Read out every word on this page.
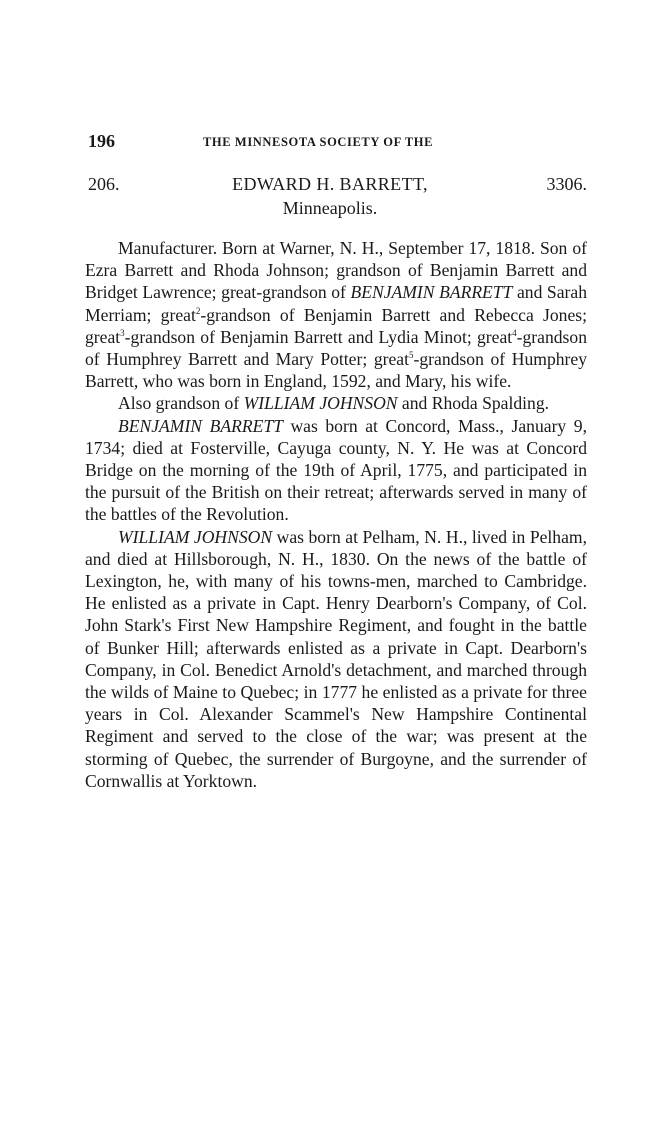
196	THE MINNESOTA SOCIETY OF THE
206.	EDWARD H. BARRETT,	3306.
Minneapolis.

Manufacturer. Born at Warner, N. H., September 17, 1818. Son of Ezra Barrett and Rhoda Johnson; grandson of Benjamin Barrett and Bridget Lawrence; great-grandson of BENJAMIN BARRETT and Sarah Merriam; great$^2$-grandson of Benjamin Barrett and Rebecca Jones; great$^3$-grandson of Benjamin Barrett and Lydia Minot; great$^4$-grandson of Humphrey Barrett and Mary Potter; great$^5$-grandson of Humphrey Barrett, who was born in England, 1592, and Mary, his wife.

Also grandson of WILLIAM JOHNSON and Rhoda Spalding.

BENJAMIN BARRETT was born at Concord, Mass., January 9, 1734; died at Fosterville, Cayuga county, N. Y. He was at Concord Bridge on the morning of the 19th of April, 1775, and participated in the pursuit of the British on their retreat; afterwards served in many of the battles of the Revolution.

WILLIAM JOHNSON was born at Pelham, N. H., lived in Pelham, and died at Hillsborough, N. H., 1830. On the news of the battle of Lexington, he, with many of his towns-men, marched to Cambridge. He enlisted as a private in Capt. Henry Dearborn's Company, of Col. John Stark's First New Hampshire Regiment, and fought in the battle of Bunker Hill; afterwards enlisted as a private in Capt. Dearborn's Company, in Col. Benedict Arnold's detachment, and marched through the wilds of Maine to Quebec; in 1777 he enlisted as a private for three years in Col. Alexander Scammel's New Hampshire Continental Regiment and served to the close of the war; was present at the storming of Quebec, the surrender of Burgoyne, and the surrender of Cornwallis at Yorktown.
